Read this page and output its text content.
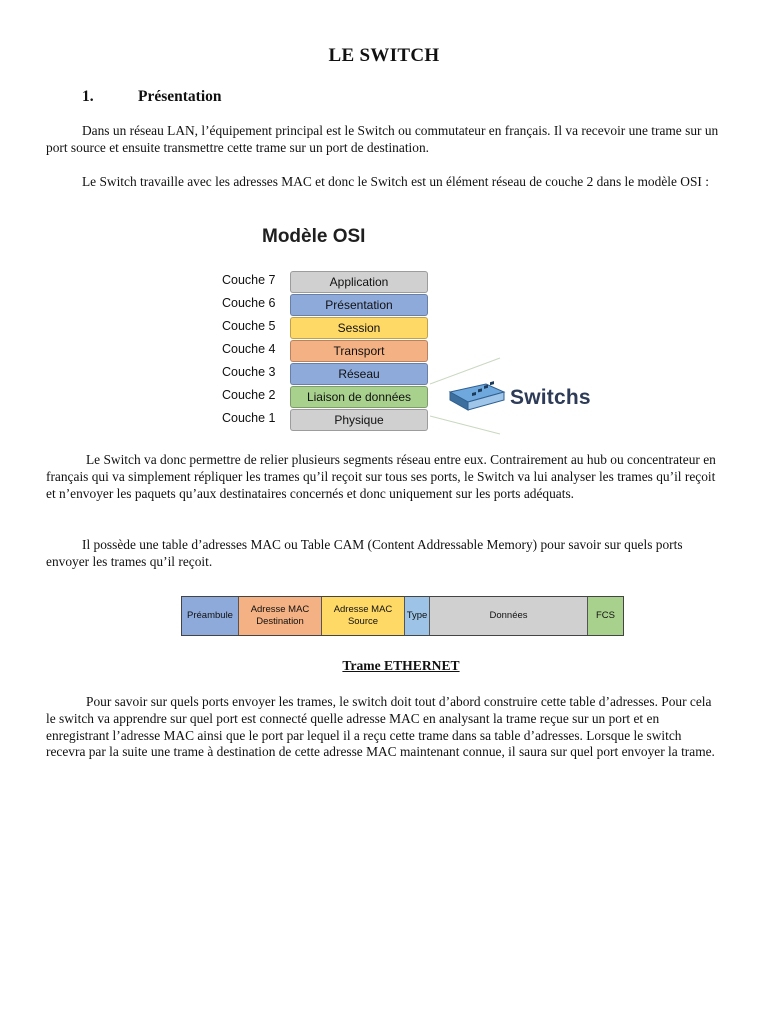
LE SWITCH
1.	Présentation

Dans un réseau LAN, l’équipement principal est le Switch ou commutateur en français. Il va recevoir une trame sur un port source et ensuite transmettre cette trame sur un port de destination.

Le Switch travaille avec les adresses MAC et donc le Switch est un élément réseau de couche 2 dans le modèle OSI :

Modèle OSI
Couche 7	Application
Couche 6	Présentation
Couche 5	Session
Couche 4	Transport
Couche 3	Réseau
Couche 2	Liaison de données
Couche 1	Physique
Switchs

Le Switch va donc permettre de relier plusieurs segments réseau entre eux. Contrairement au hub ou concentrateur en français qui va simplement répliquer les trames qu’il reçoit sur tous ses ports, le Switch va lui analyser les trames qu’il reçoit et n’envoyer les paquets qu’aux destinataires concernés et donc uniquement sur les ports adéquats.

Il possède une table d’adresses MAC ou Table CAM (Content Addressable Memory) pour savoir sur quels ports envoyer les trames qu’il reçoit.

Préambule
Adresse MAC
Destination
Adresse MAC
Source
Type	Données	FCS
Trame ETHERNET

Pour savoir sur quels ports envoyer les trames, le switch doit tout d’abord construire cette table d’adresses. Pour cela le switch va apprendre sur quel port est connecté quelle adresse MAC en analysant la trame reçue sur un port et en enregistrant l’adresse MAC ainsi que le port par lequel il a reçu cette trame dans sa table d’adresses. Lorsque le switch recevra par la suite une trame à destination de cette adresse MAC maintenant connue, il saura sur quel port envoyer la trame.
